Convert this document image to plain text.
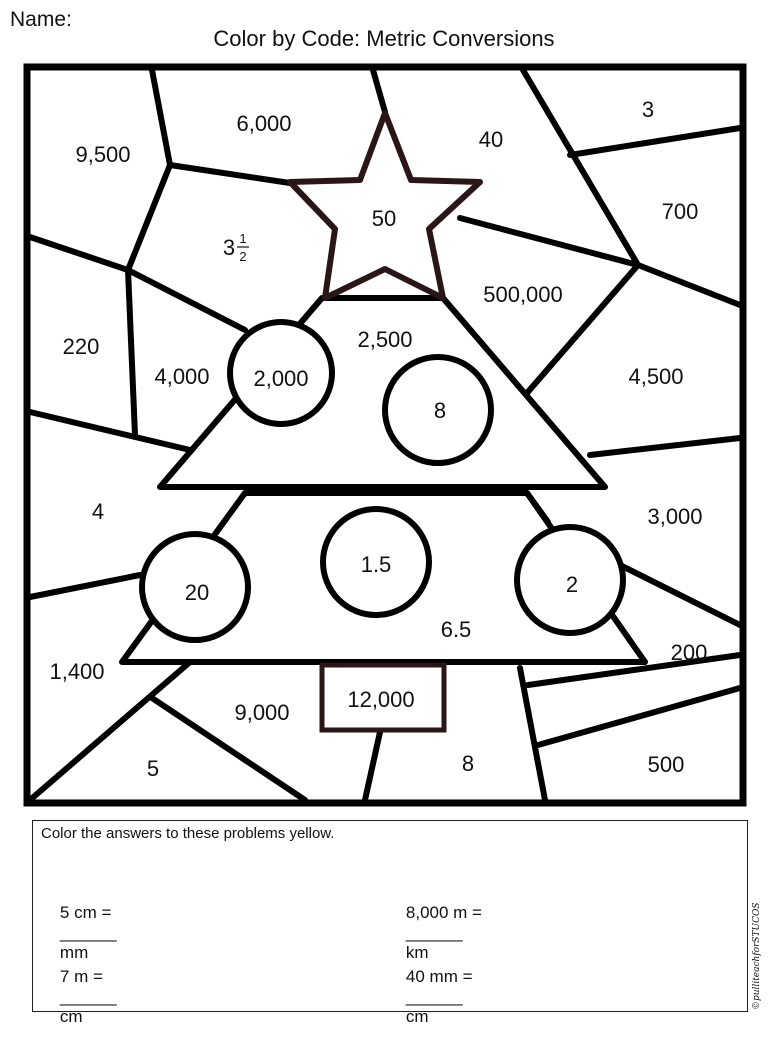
Name:
Color by Code: Metric Conversions
9,500
6,000
40
3
700
3 1
2
50
500,000
220
4,000
2,500
4,500
4	3,000
6.5
200
1,400
9,000
12,000
5	8	500
2,000
8
20
1.5
2
Color the answers to these problems yellow.

5 cm =
______
mm

8,000 m =
______
km

7 m =
______
cm

40 mm =
______
cm

©pulliteachforSTUCOS
